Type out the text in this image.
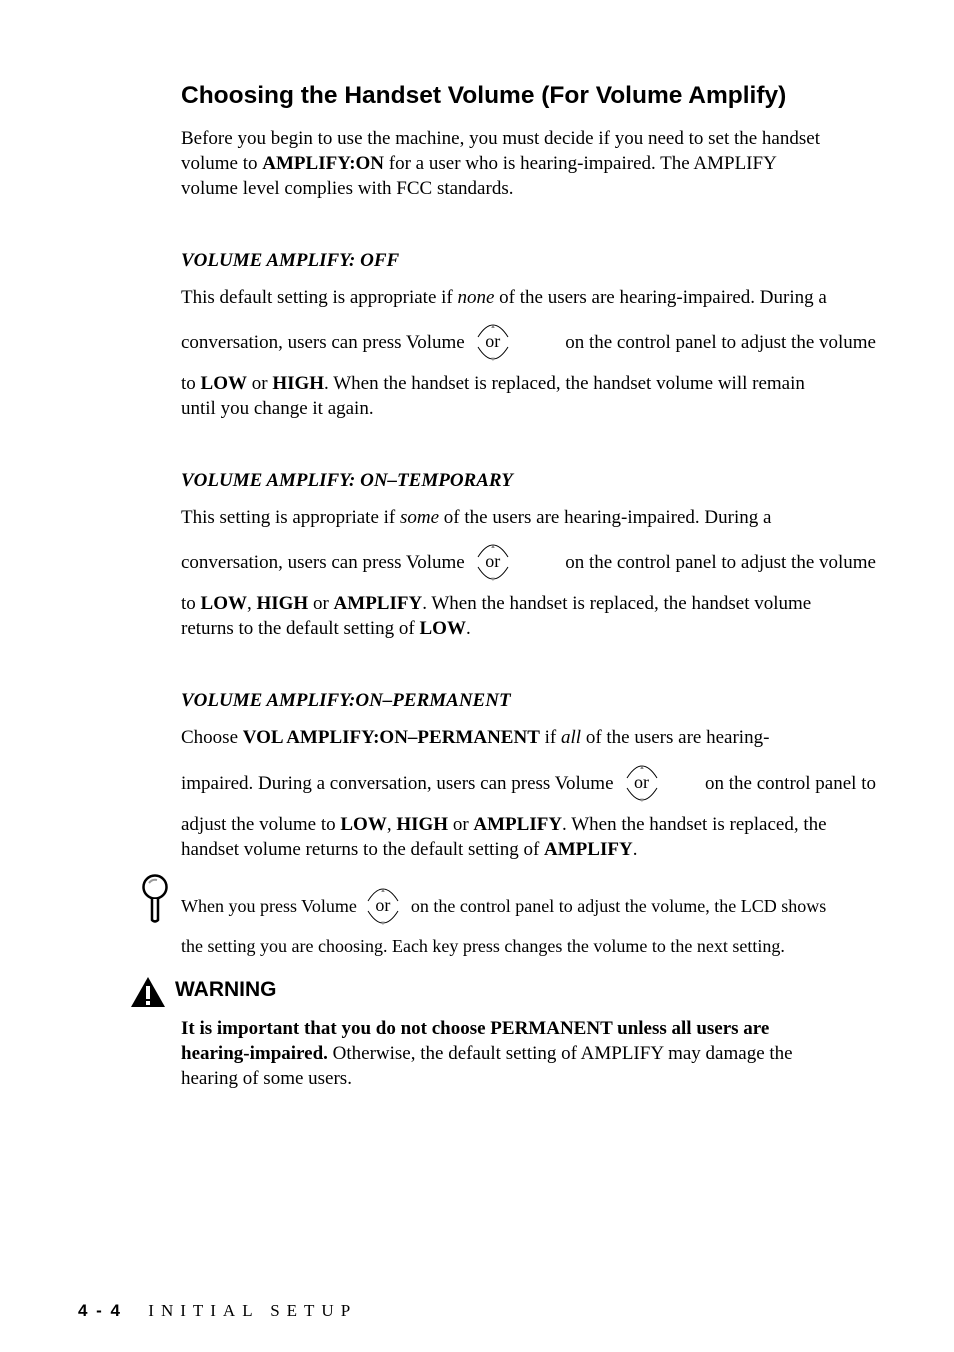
Choosing the Handset Volume (For Volume Amplify)
Before you begin to use the machine, you must decide if you need to set the handset
volume to AMPLIFY:ON for a user who is hearing-impaired. The AMPLIFY
volume level complies with FCC standards.
VOLUME AMPLIFY: OFF
This default setting is appropriate if none of the users are hearing-impaired. During a
conversation, users can press Volume
▲
▼
or	on the control panel to adjust the volume
to LOW or HIGH. When the handset is replaced, the handset volume will remain
until you change it again.
VOLUME AMPLIFY: ON–TEMPORARY
This setting is appropriate if some of the users are hearing-impaired. During a
conversation, users can press Volume
▲
▼
or	on the control panel to adjust the volume
to LOW, HIGH or AMPLIFY. When the handset is replaced, the handset volume
returns to the default setting of LOW.
VOLUME AMPLIFY:ON–PERMANENT
Choose VOL AMPLIFY:ON–PERMANENT if all of the users are hearing-
impaired. During a conversation, users can press Volume
▲
▼
or	on the control panel to
adjust the volume to LOW, HIGH or AMPLIFY. When the handset is replaced, the
handset volume returns to the default setting of AMPLIFY.
When you press Volume
▲
▼
or	on the control panel to adjust the volume, the LCD shows
the setting you are choosing. Each key press changes the volume to the next setting.
WARNING
It is important that you do not choose PERMANENT unless all users are
hearing-impaired. Otherwise, the default setting of AMPLIFY may damage the
hearing of some users.
4 - 4 INITIAL SETUP
